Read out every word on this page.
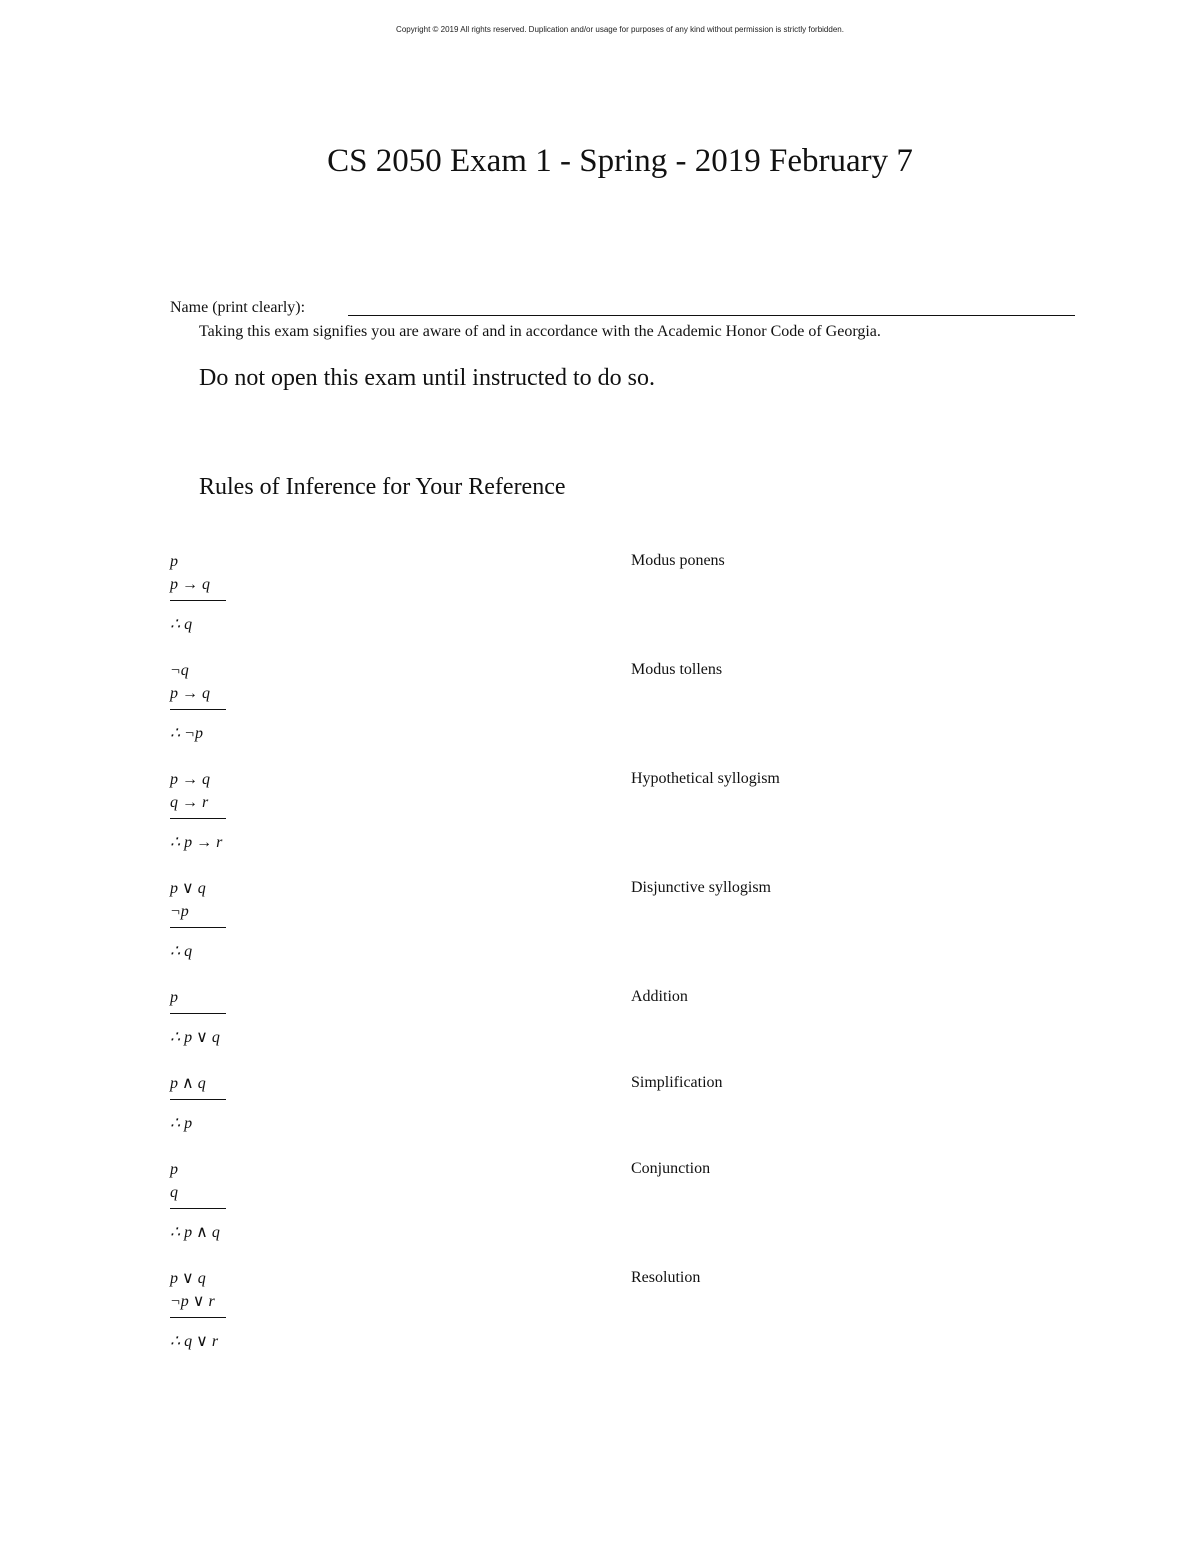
Copyright © 2019 All rights reserved. Duplication and/or usage for purposes of any kind without permission is strictly forbidden.
CS 2050 Exam 1 - Spring - 2019 February 7
Name (print clearly):
Taking this exam signifies you are aware of and in accordance with the Academic Honor Code of Georgia.
Do not open this exam until instructed to do so.
Rules of Inference for Your Reference
Modus ponens
p
p → q
∴ q
Modus tollens
¬q
p → q
∴ ¬p
Hypothetical syllogism
p → q
q → r
∴ p → r
Disjunctive syllogism
p ∨ q
¬p
∴ q
Addition
p
∴ p ∨ q
Simplification
p ∧ q
∴ p
Conjunction
p
q
∴ p ∧ q
Resolution
p ∨ q
¬p ∨ r
∴ q ∨ r
